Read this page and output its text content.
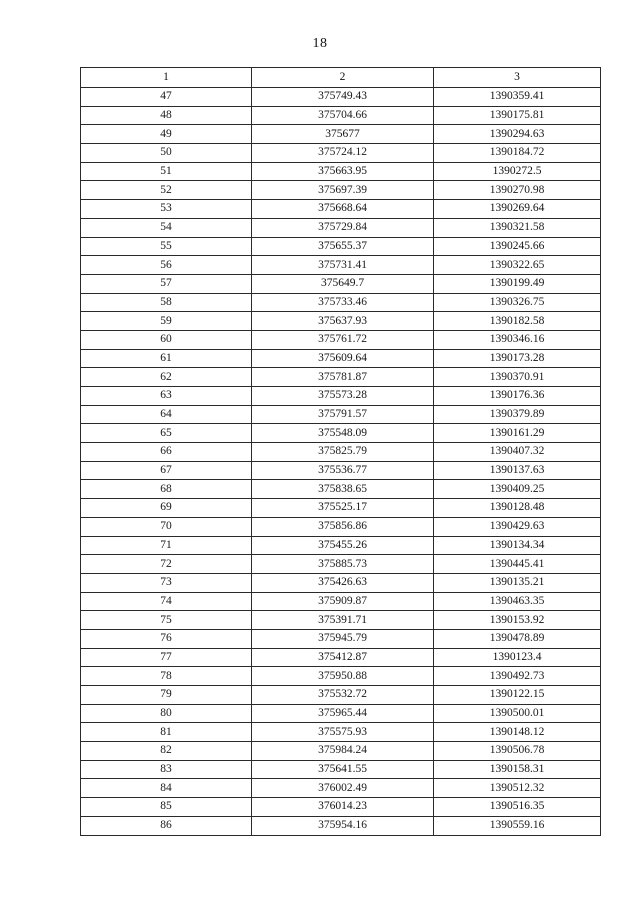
18
1	2	3
47	375749.43	1390359.41
48	375704.66	1390175.81
49	375677	1390294.63
50	375724.12	1390184.72
51	375663.95	1390272.5
52	375697.39	1390270.98
53	375668.64	1390269.64
54	375729.84	1390321.58
55	375655.37	1390245.66
56	375731.41	1390322.65
57	375649.7	1390199.49
58	375733.46	1390326.75
59	375637.93	1390182.58
60	375761.72	1390346.16
61	375609.64	1390173.28
62	375781.87	1390370.91
63	375573.28	1390176.36
64	375791.57	1390379.89
65	375548.09	1390161.29
66	375825.79	1390407.32
67	375536.77	1390137.63
68	375838.65	1390409.25
69	375525.17	1390128.48
70	375856.86	1390429.63
71	375455.26	1390134.34
72	375885.73	1390445.41
73	375426.63	1390135.21
74	375909.87	1390463.35
75	375391.71	1390153.92
76	375945.79	1390478.89
77	375412.87	1390123.4
78	375950.88	1390492.73
79	375532.72	1390122.15
80	375965.44	1390500.01
81	375575.93	1390148.12
82	375984.24	1390506.78
83	375641.55	1390158.31
84	376002.49	1390512.32
85	376014.23	1390516.35
86	375954.16	1390559.16
